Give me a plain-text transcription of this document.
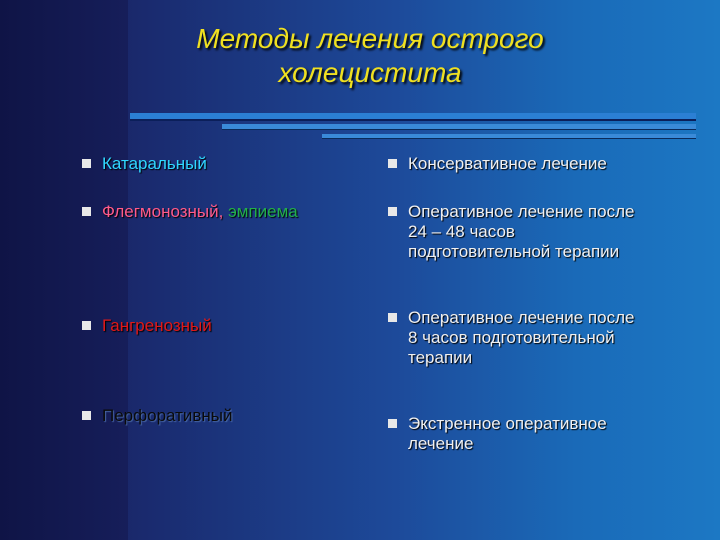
Методы лечения острого
холецистита
Катаральный
Флегмонозный, эмпиема
Гангренозный
Перфоративный
Консервативное лечение
Оперативное лечение после 24 – 48 часов подготовительной терапии
Оперативное лечение после 8 часов подготовительной терапии
Экстренное оперативное лечение
